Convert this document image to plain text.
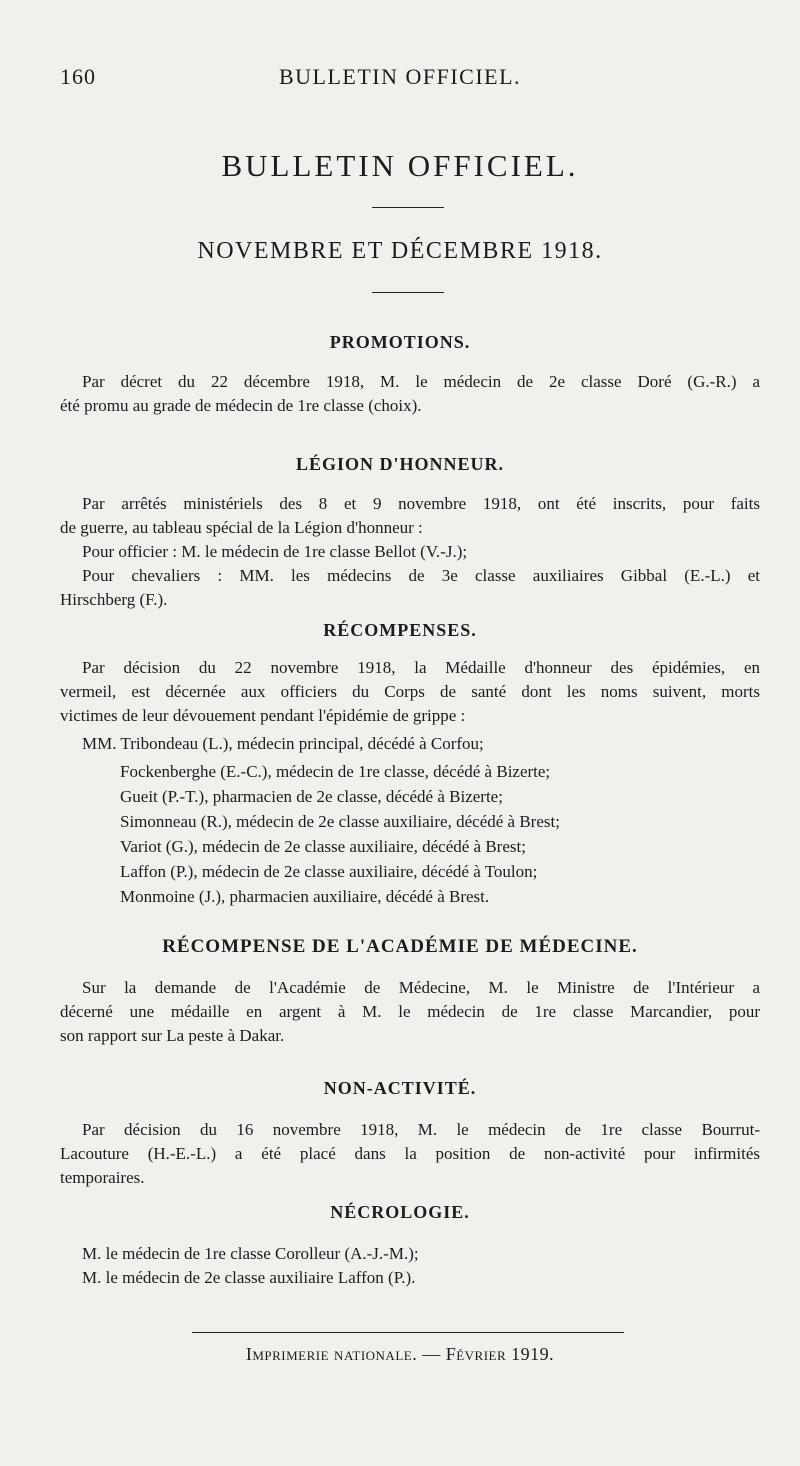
160	BULLETIN OFFICIEL.
BULLETIN OFFICIEL.
NOVEMBRE ET DÉCEMBRE 1918.
PROMOTIONS.
Par décret du 22 décembre 1918, M. le médecin de 2e classe Doré (G.-R.) a
été promu au grade de médecin de 1re classe (choix).
LÉGION D'HONNEUR.
Par arrêtés ministériels des 8 et 9 novembre 1918, ont été inscrits, pour faits
de guerre, au tableau spécial de la Légion d'honneur :
Pour officier : M. le médecin de 1re classe Bellot (V.-J.);
Pour chevaliers : MM. les médecins de 3e classe auxiliaires Gibbal (E.-L.) et
Hirschberg (F.).
RÉCOMPENSES.
Par décision du 22 novembre 1918, la Médaille d'honneur des épidémies, en
vermeil, est décernée aux officiers du Corps de santé dont les noms suivent, morts
victimes de leur dévouement pendant l'épidémie de grippe :
MM. Tribondeau (L.), médecin principal, décédé à Corfou;
Fockenberghe (E.-C.), médecin de 1re classe, décédé à Bizerte;
Gueit (P.-T.), pharmacien de 2e classe, décédé à Bizerte;
Simonneau (R.), médecin de 2e classe auxiliaire, décédé à Brest;
Variot (G.), médecin de 2e classe auxiliaire, décédé à Brest;
Laffon (P.), médecin de 2e classe auxiliaire, décédé à Toulon;
Monmoine (J.), pharmacien auxiliaire, décédé à Brest.
RÉCOMPENSE DE L'ACADÉMIE DE MÉDECINE.
Sur la demande de l'Académie de Médecine, M. le Ministre de l'Intérieur a
décerné une médaille en argent à M. le médecin de 1re classe Marcandier, pour
son rapport sur La peste à Dakar.
NON-ACTIVITÉ.
Par décision du 16 novembre 1918, M. le médecin de 1re classe Bourrut-
Lacouture (H.-E.-L.) a été placé dans la position de non-activité pour infirmités
temporaires.
NÉCROLOGIE.
M. le médecin de 1re classe Corolleur (A.-J.-M.);
M. le médecin de 2e classe auxiliaire Laffon (P.).
Imprimerie nationale. — Février 1919.
